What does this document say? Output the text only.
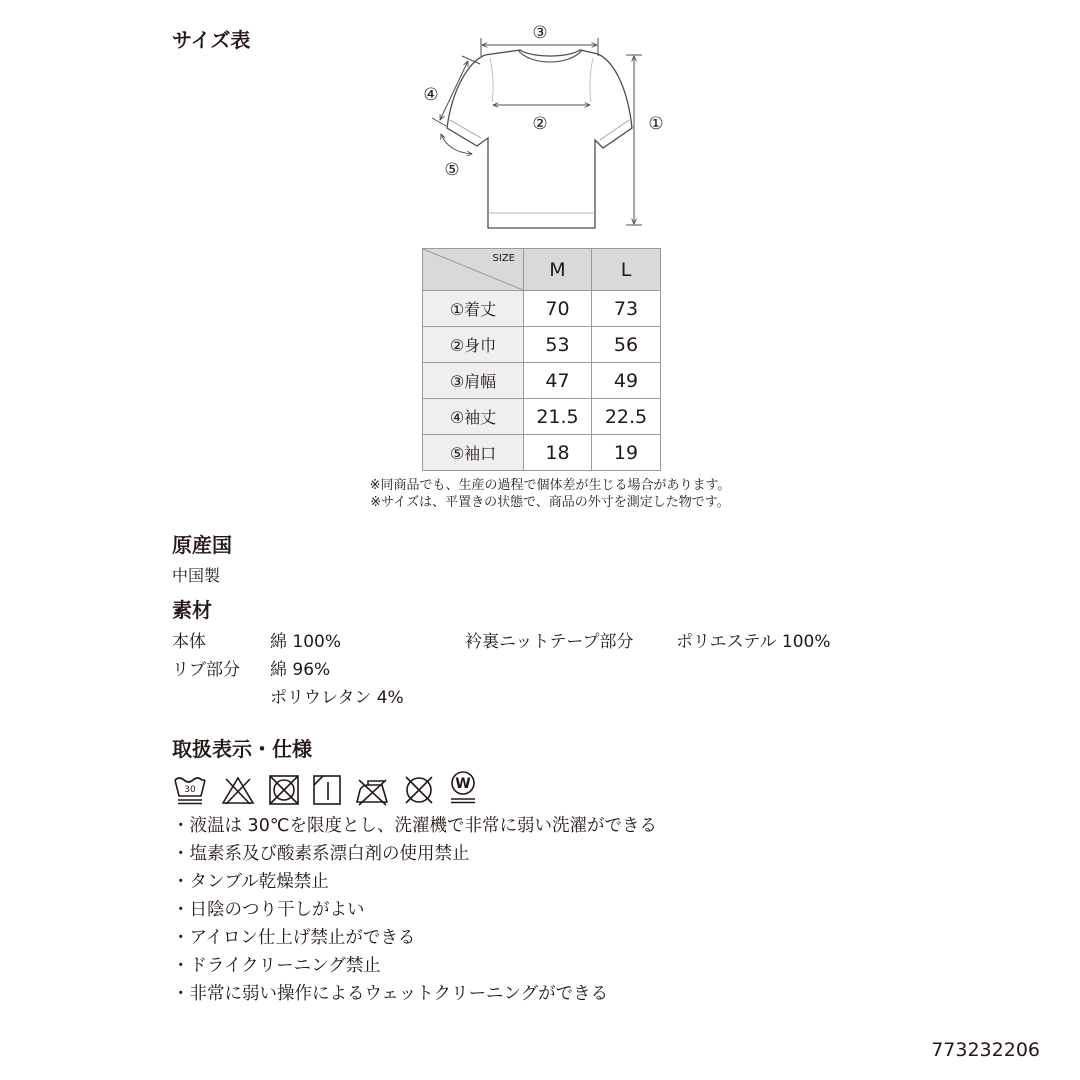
サイズ表	③
②	①
④
⑤
SIZE	M	L
①着丈	70	73
②身巾	53	56
③肩幅	47	49
④袖丈	21.5	22.5
⑤袖口	18	19
※同商品でも、生産の過程で個体差が生じる場合があります。
※サイズは、平置きの状態で、商品の外寸を測定した物です。
原産国
中国製
素材
本体	綿 100%	衿裏ニットテープ部分	ポリエステル 100%
リブ部分 綿 96%
ポリウレタン 4%
取扱表示・仕様
30	W
・液温は 30℃を限度とし、洗濯機で非常に弱い洗濯ができる
・塩素系及び酸素系漂白剤の使用禁止
・タンブル乾燥禁止
・日陰のつり干しがよい
・アイロン仕上げ禁止ができる
・ドライクリーニング禁止
・非常に弱い操作によるウェットクリーニングができる
773232206
